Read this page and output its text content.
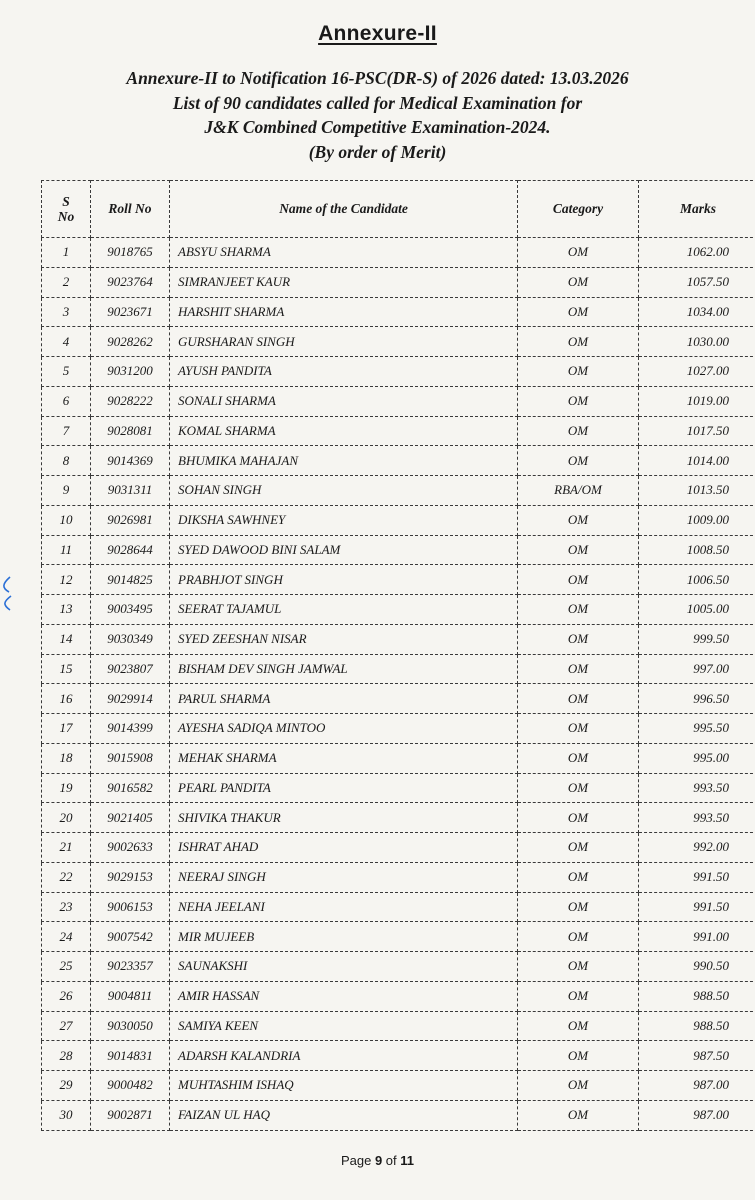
Annexure-II
Annexure-II to Notification 16-PSC(DR-S) of 2026 dated: 13.03.2026
List of 90 candidates called for Medical Examination for
J&K Combined Competitive Examination-2024.
(By order of Merit)
S
No	Roll No	Name of the Candidate	Category	Marks
1	9018765	ABSYU SHARMA	OM	1062.00
2	9023764	SIMRANJEET KAUR	OM	1057.50
3	9023671	HARSHIT SHARMA	OM	1034.00
4	9028262	GURSHARAN SINGH	OM	1030.00
5	9031200	AYUSH PANDITA	OM	1027.00
6	9028222	SONALI SHARMA	OM	1019.00
7	9028081	KOMAL SHARMA	OM	1017.50
8	9014369	BHUMIKA MAHAJAN	OM	1014.00
9	9031311	SOHAN SINGH	RBA/OM	1013.50
10	9026981	DIKSHA SAWHNEY	OM	1009.00
11	9028644	SYED DAWOOD BINI SALAM	OM	1008.50
12	9014825	PRABHJOT SINGH	OM	1006.50
13	9003495	SEERAT TAJAMUL	OM	1005.00
14	9030349	SYED ZEESHAN NISAR	OM	999.50
15	9023807	BISHAM DEV SINGH JAMWAL	OM	997.00
16	9029914	PARUL SHARMA	OM	996.50
17	9014399	AYESHA SADIQA MINTOO	OM	995.50
18	9015908	MEHAK SHARMA	OM	995.00
19	9016582	PEARL PANDITA	OM	993.50
20	9021405	SHIVIKA THAKUR	OM	993.50
21	9002633	ISHRAT AHAD	OM	992.00
22	9029153	NEERAJ SINGH	OM	991.50
23	9006153	NEHA JEELANI	OM	991.50
24	9007542	MIR MUJEEB	OM	991.00
25	9023357	SAUNAKSHI	OM	990.50
26	9004811	AMIR HASSAN	OM	988.50
27	9030050	SAMIYA KEEN	OM	988.50
28	9014831	ADARSH KALANDRIA	OM	987.50
29	9000482	MUHTASHIM ISHAQ	OM	987.00
30	9002871	FAIZAN UL HAQ	OM	987.00
Page 9 of 11
